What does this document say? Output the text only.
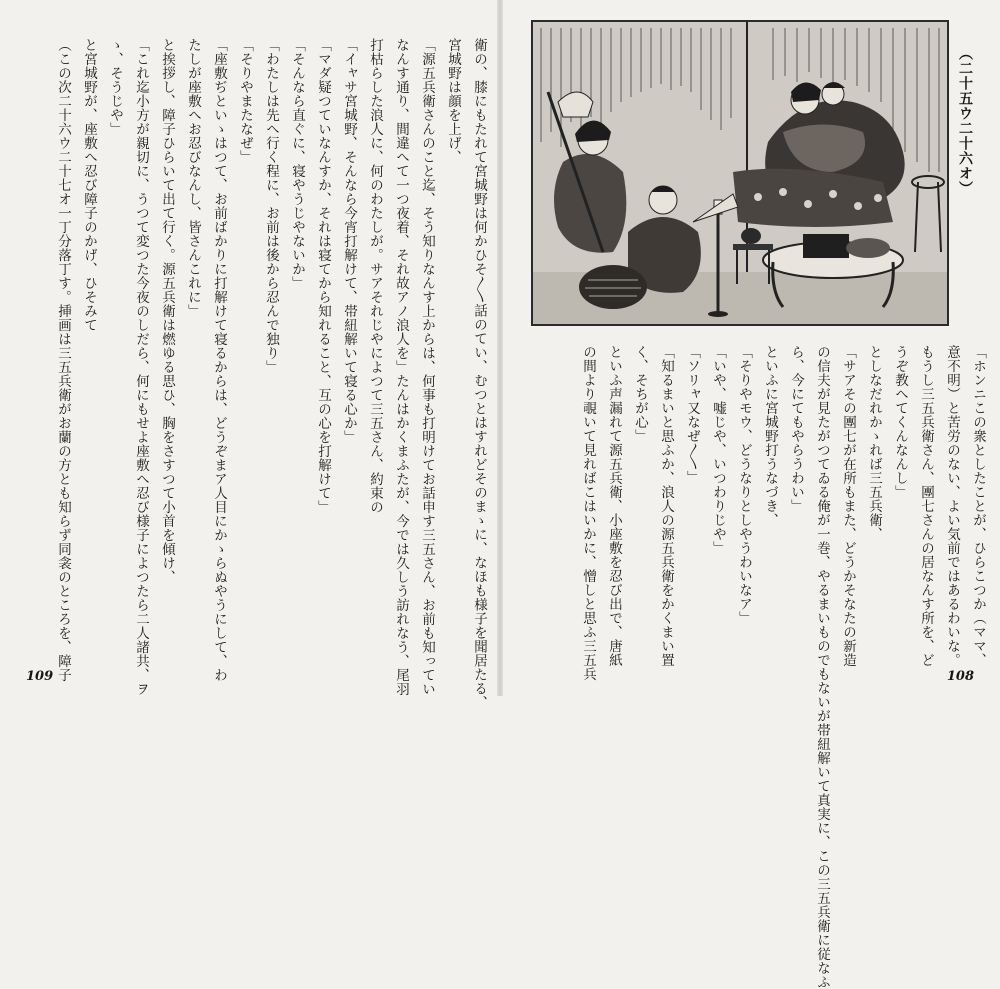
衛の、膝にもたれて宮城野は何かひそ〳〵話のてい、むつとはすれどそのまゝに、なほも様子を聞居たる、
宮城野は顔を上げ、
「源五兵衛さんのこと迄、そう知りなんす上からは、何事も打明けてお話申す三五さん、お前も知ってい
なんす通り、間違へて一つ夜着、それ故アノ浪人を」たんはかくまふたが、今では久しう訪れなう、尾羽
打枯らした浪人に、何のわたしが。サアそれじやによつて三五さん、約束の
「イャサ宮城野、そんなら今宵打解けて、帯紐解いて寝る心か」
「マダ疑つていなんすか、それは寝てから知れること、互の心を打解けて」
「そんなら直ぐに、寝やうじやないか」
「わたしは先へ行く程に、お前は後から忍んで独り」
「そりやまたなぜ」
「座敷ぢといゝはつて、お前ばかりに打解けて寝るからは、どうぞまア人目にかゝらぬやうにして、わ
たしが座敷へお忍びなんし、皆さんこれに」
と挨拶し、障子ひらいて出て行く。源五兵衛は燃ゆる思ひ、胸をさすつて小首を傾け、
「これ迄小方が親切に、うつて変つた今夜のしだら、何にもせよ座敷へ忍び様子によつたら二人諸共、ヲ
ゝ、そうじや」
と宮城野が、座敷へ忍び障子のかげ、ひそみて
（この次二十六ウ二十七オ一丁分落丁す。挿画は三五兵衛がお蘭の方とも知らず同衾のところを、障子
109
（二十五ウ二十六オ）
「ホンニこの衆としたことが、ひらこつか（ママ、
意不明）と苦労のない、よい気前ではあるわいな。
もうし三五兵衛さん、團七さんの居なんす所を、ど
うぞ教へてくんなんし」
としなだれかゝれば三五兵衛、
「サアその團七が在所もまた、どうかそなたの新造
の信夫が見たがつてゐる俺が一巻、やるまいものでもないが帯紐解いて真実に、この三五兵衛に従なふ
ら、今にてもやらうわい」
といふに宮城野打うなづき、
「そりやモウ、どうなりとしやうわいなア」
「いや、嘘じや、いつわりじや」
「ソリャ又なぜ〳〵」
「知るまいと思ふか、浪人の源五兵衛をかくまい置
く、そちが心」
といふ声漏れて源五兵衛、小座敷を忍び出で、唐紙
の間より覗いて見ればこはいかに、憎しと思ふ三五兵	108
